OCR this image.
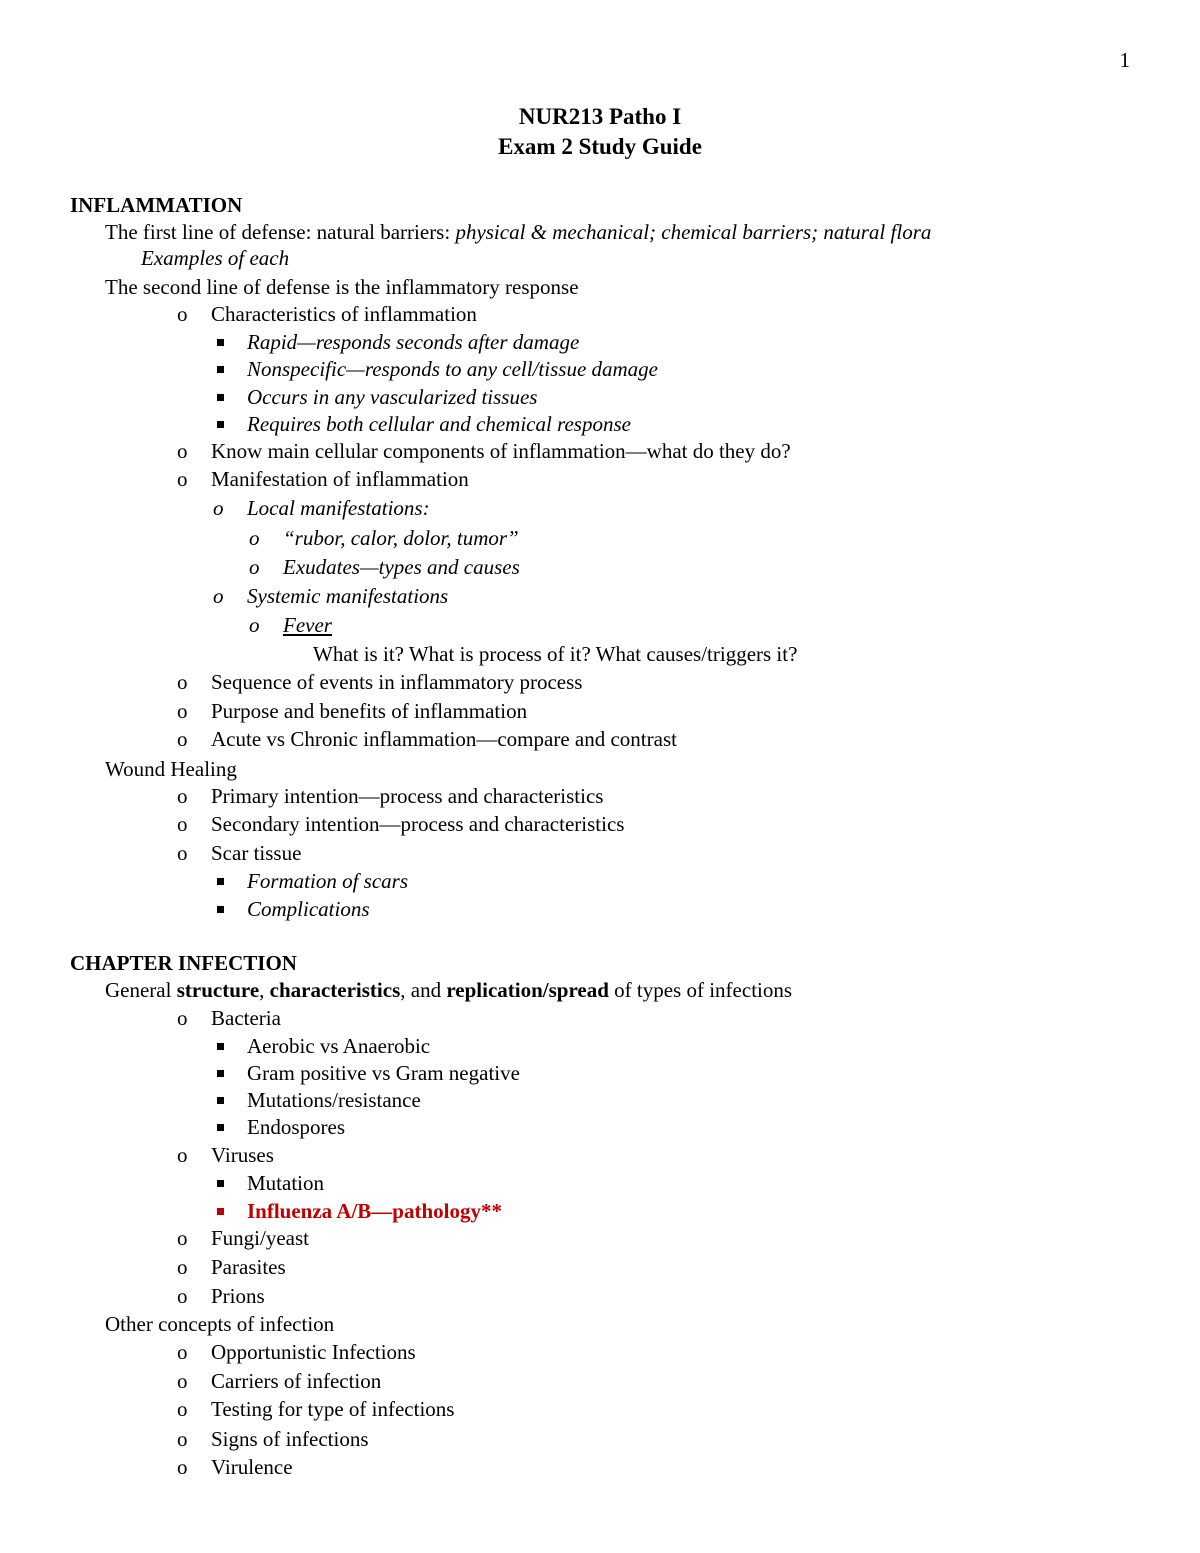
1
NUR213 Patho I
Exam 2 Study Guide
INFLAMMATION
The first line of defense: natural barriers: physical & mechanical; chemical barriers; natural flora
Examples of each
The second line of defense is the inflammatory response
o Characteristics of inflammation
Rapid—responds seconds after damage
Nonspecific—responds to any cell/tissue damage
Occurs in any vascularized tissues
Requires both cellular and chemical response
o Know main cellular components of inflammation—what do they do?
o Manifestation of inflammation
o Local manifestations:
o “rubor, calor, dolor, tumor”
o Exudates—types and causes
o Systemic manifestations
o Fever
What is it? What is process of it? What causes/triggers it?
o Sequence of events in inflammatory process
o Purpose and benefits of inflammation
o Acute vs Chronic inflammation—compare and contrast
Wound Healing
o Primary intention—process and characteristics
o Secondary intention—process and characteristics
o Scar tissue
Formation of scars
Complications
CHAPTER INFECTION
General structure, characteristics, and replication/spread of types of infections
o Bacteria
Aerobic vs Anaerobic
Gram positive vs Gram negative
Mutations/resistance
Endospores
o Viruses
Mutation
Influenza A/B—pathology**
o Fungi/yeast
o Parasites
o Prions
Other concepts of infection
o Opportunistic Infections
o Carriers of infection
o Testing for type of infections
o Signs of infections
o Virulence
